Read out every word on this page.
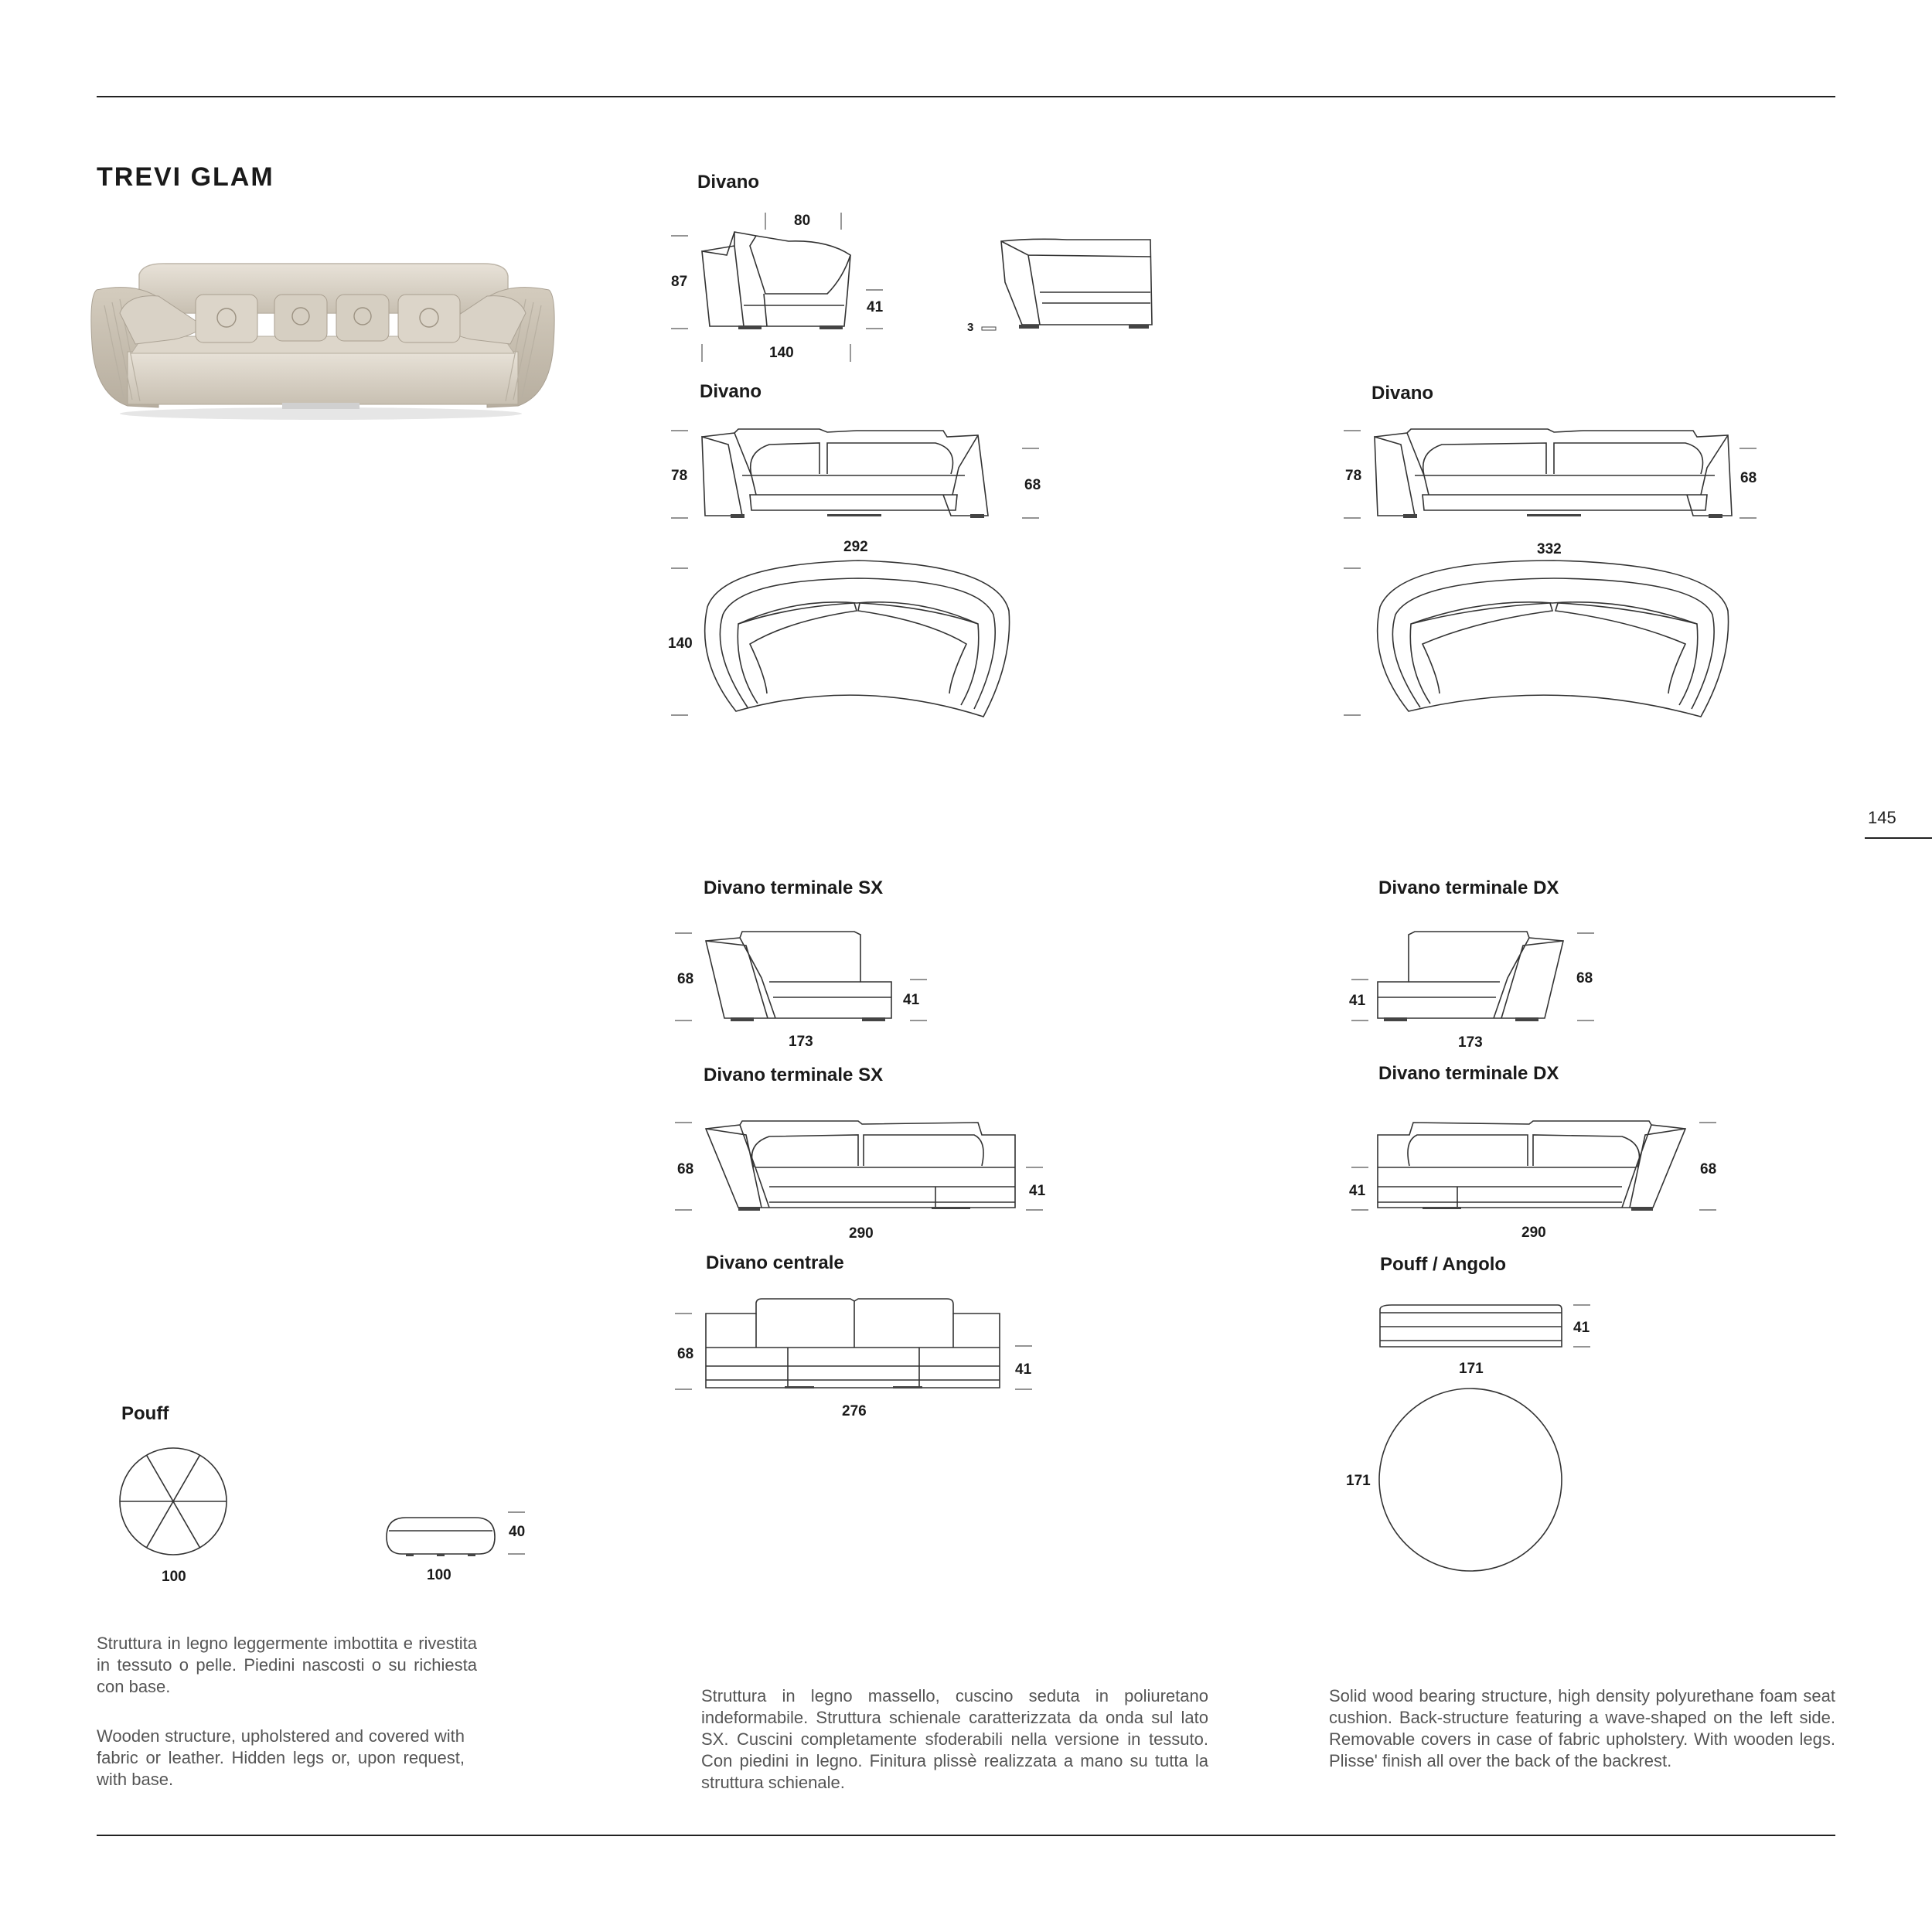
145
TREVI GLAM	Divano
80
87
41
140
3
Divano
78
68
292
140
Divano
78	68
332
Divano terminale SX
68
41
173
Divano terminale DX
41
68
173
Divano terminale SX
68
41
290
Divano terminale DX
41
68
290
Divano centrale
68
41
276
Pouff / Angolo
41
171
171
Pouff
100
40
100
Struttura in legno leggermente imbottita e rivestita in tessuto o pelle. Piedini nascosti o su richiesta con base.
Wooden structure, upholstered and covered with fabric or leather. Hidden legs or, upon request, with base.
Struttura in legno massello, cuscino seduta in poliuretano indeformabile. Struttura schienale caratterizzata da onda sul lato SX. Cuscini completamente sfoderabili nella versione in tessuto. Con piedini in legno. Finitura plissè realizzata a mano su tutta la struttura schienale.
Solid wood bearing structure, high density polyurethane foam seat cushion. Back-structure featuring a wave-shaped on the left side. Removable covers in case of fabric upholstery. With wooden legs. Plisse' finish all over the back of the backrest.
